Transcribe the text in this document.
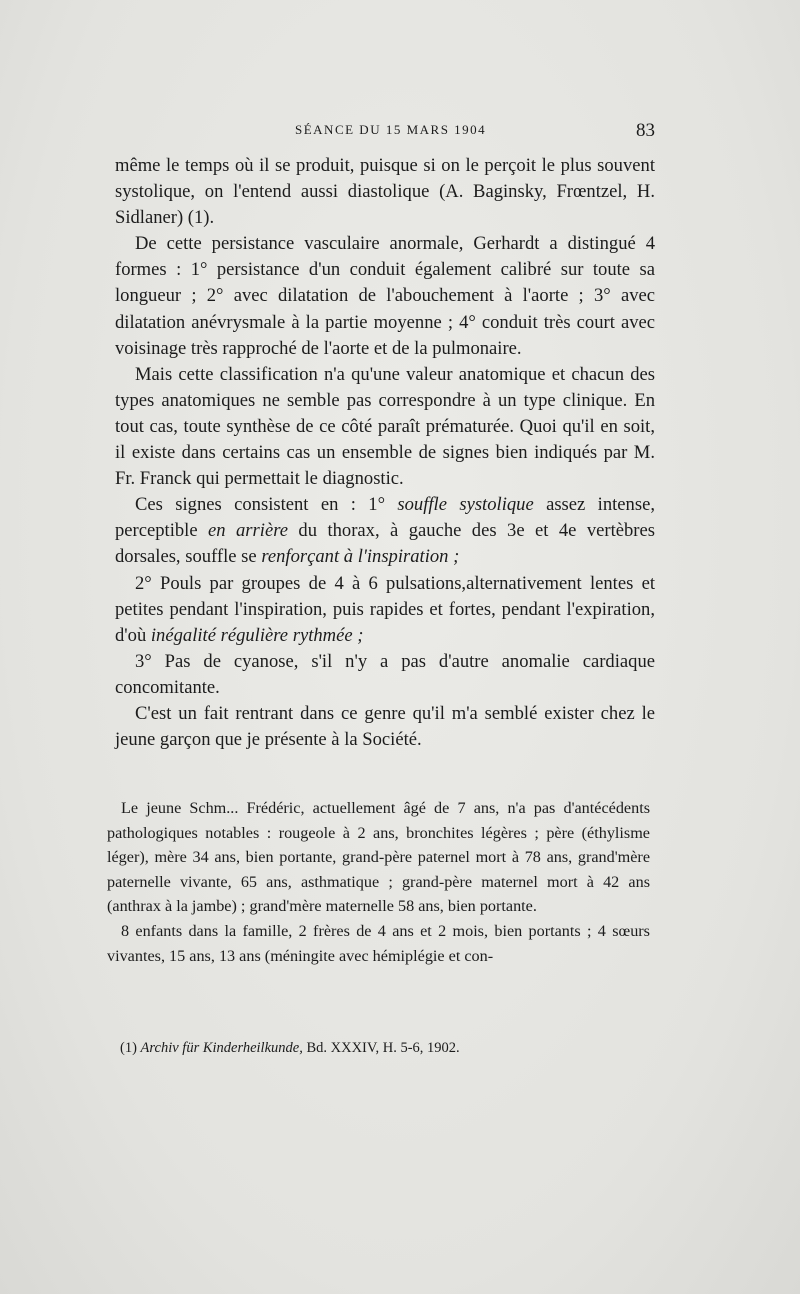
SÉANCE DU 15 MARS 1904	83

même le temps où il se produit, puisque si on le perçoit le plus souvent systolique, on l'entend aussi diastolique (A. Baginsky, Frœntzel, H. Sidlaner) (1).

De cette persistance vasculaire anormale, Gerhardt a distingué 4 formes : 1° persistance d'un conduit également calibré sur toute sa longueur ; 2° avec dilatation de l'abouchement à l'aorte ; 3° avec dilatation anévrysmale à la partie moyenne ; 4° conduit très court avec voisinage très rapproché de l'aorte et de la pulmonaire.

Mais cette classification n'a qu'une valeur anatomique et chacun des types anatomiques ne semble pas correspondre à un type clinique. En tout cas, toute synthèse de ce côté paraît prématurée. Quoi qu'il en soit, il existe dans certains cas un ensemble de signes bien indiqués par M. Fr. Franck qui permettait le diagnostic.

Ces signes consistent en : 1° souffle systolique assez intense, perceptible en arrière du thorax, à gauche des 3e et 4e vertèbres dorsales, souffle se renforçant à l'inspiration ;

2° Pouls par groupes de 4 à 6 pulsations,alternativement lentes et petites pendant l'inspiration, puis rapides et fortes, pendant l'expiration, d'où inégalité régulière rythmée ;

3° Pas de cyanose, s'il n'y a pas d'autre anomalie cardiaque concomitante.

C'est un fait rentrant dans ce genre qu'il m'a semblé exister chez le jeune garçon que je présente à la Société.

Le jeune Schm... Frédéric, actuellement âgé de 7 ans, n'a pas d'antécédents pathologiques notables : rougeole à 2 ans, bronchites légères ; père (éthylisme léger), mère 34 ans, bien portante, grand-père paternel mort à 78 ans, grand'mère paternelle vivante, 65 ans, asthmatique ; grand-père maternel mort à 42 ans (anthrax à la jambe) ; grand'mère maternelle 58 ans, bien portante.

8 enfants dans la famille, 2 frères de 4 ans et 2 mois, bien portants ; 4 sœurs vivantes, 15 ans, 13 ans (méningite avec hémiplégie et con-

(1) Archiv für Kinderheilkunde, Bd. XXXIV, H. 5-6, 1902.
